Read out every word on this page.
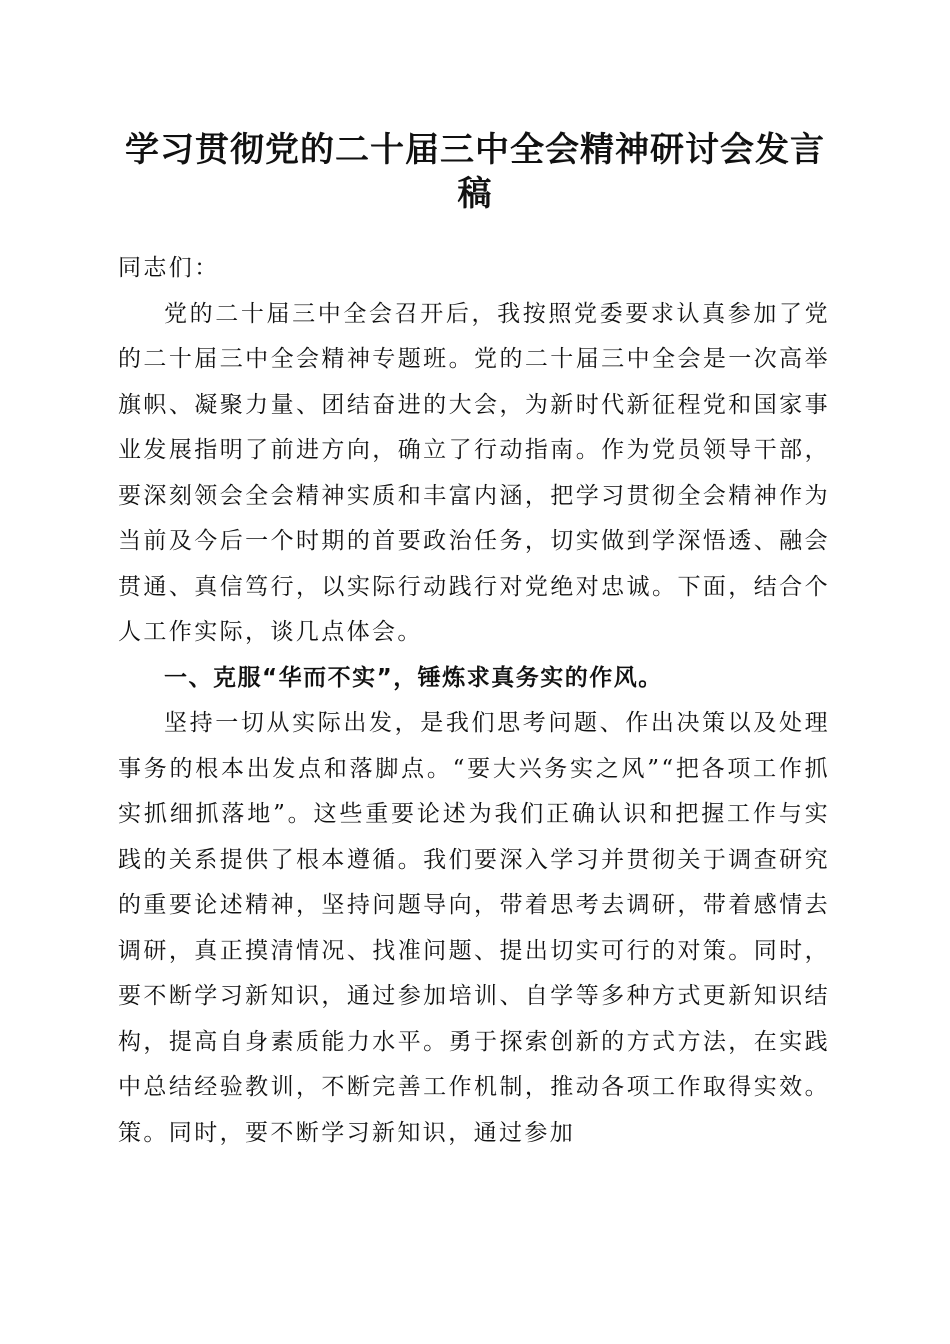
学习贯彻党的二十届三中全会精神研讨会发言稿

同志们：

党的二十届三中全会召开后，我按照党委要求认真参加了党的二十届三中全会精神专题班。党的二十届三中全会是一次高举旗帜、凝聚力量、团结奋进的大会，为新时代新征程党和国家事业发展指明了前进方向，确立了行动指南。作为党员领导干部，要深刻领会全会精神实质和丰富内涵，把学习贯彻全会精神作为当前及今后一个时期的首要政治任务，切实做到学深悟透、融会贯通、真信笃行，以实际行动践行对党绝对忠诚。下面，结合个人工作实际，谈几点体会。

一、克服“华而不实”，锤炼求真务实的作风。

坚持一切从实际出发，是我们思考问题、作出决策以及处理事务的根本出发点和落脚点。“要大兴务实之风”“把各项工作抓实抓细抓落地”。这些重要论述为我们正确认识和把握工作与实践的关系提供了根本遵循。我们要深入学习并贯彻关于调查研究的重要论述精神，坚持问题导向，带着思考去调研，带着感情去调研，真正摸清情况、找准问题、提出切实可行的对策。同时，要不断学习新知识，通过参加培训、自学等多种方式更新知识结构，提高自身素质能力水平。勇于探索创新的方式方法，在实践中总结经验教训，不断完善工作机制，推动各项工作取得实效。策。同时，要不断学习新知识，通过参加
